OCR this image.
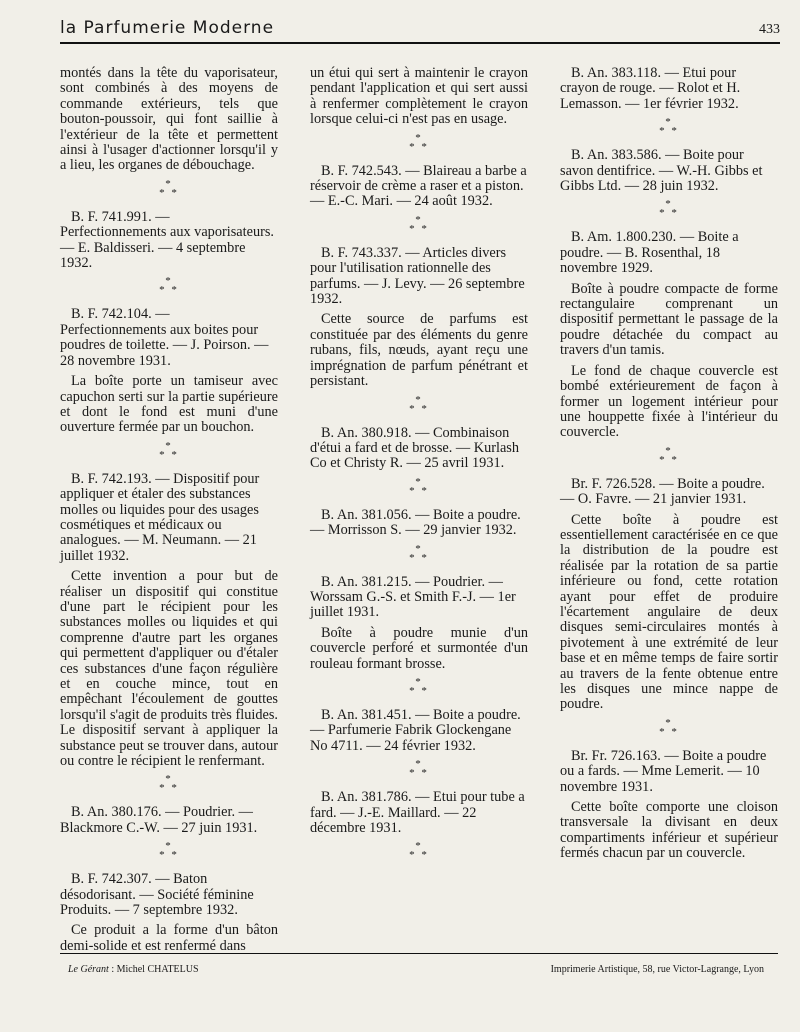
la Parfumerie Moderne	433

montés dans la tête du vaporisateur, sont combinés à des moyens de commande extérieurs, tels que bouton-poussoir, qui font saillie à l'extérieur de la tête et permettent ainsi à l'usager d'actionner lorsqu'il y a lieu, les organes de débouchage.

*
* *

B. F. 741.991. — Perfectionnements aux vaporisateurs. — E. Baldisseri. — 4 septembre 1932.

*
* *

B. F. 742.104. — Perfectionnements aux boites pour poudres de toilette. — J. Poirson. — 28 novembre 1931.

La boîte porte un tamiseur avec capuchon serti sur la partie supérieure et dont le fond est muni d'une ouverture fermée par un bouchon.

*
* *

B. F. 742.193. — Dispositif pour appliquer et étaler des substances molles ou liquides pour des usages cosmétiques et médicaux ou analogues. — M. Neumann. — 21 juillet 1932.

Cette invention a pour but de réaliser un dispositif qui constitue d'une part le récipient pour les substances molles ou liquides et qui comprenne d'autre part les organes qui permettent d'appliquer ou d'étaler ces substances d'une façon régulière et en couche mince, tout en empêchant l'écoulement de gouttes lorsqu'il s'agit de produits très fluides. Le dispositif servant à appliquer la substance peut se trouver dans, autour ou contre le récipient le renfermant.

*
* *

B. An. 380.176. — Poudrier. — Blackmore C.-W. — 27 juin 1931.

*
* *

B. F. 742.307. — Baton désodorisant. — Société féminine Produits. — 7 septembre 1932.

Ce produit a la forme d'un bâton demi-solide et est renfermé dans

un étui qui sert à maintenir le crayon pendant l'application et qui sert aussi à renfermer complètement le crayon lorsque celui-ci n'est pas en usage.

*
* *

B. F. 742.543. — Blaireau a barbe a réservoir de crème a raser et a piston. — E.-C. Mari. — 24 août 1932.

*
* *

B. F. 743.337. — Articles divers pour l'utilisation rationnelle des parfums. — J. Levy. — 26 septembre 1932.

Cette source de parfums est constituée par des éléments du genre rubans, fils, nœuds, ayant reçu une imprégnation de parfum pénétrant et persistant.

*
* *

B. An. 380.918. — Combinaison d'étui a fard et de brosse. — Kurlash Co et Christy R. — 25 avril 1931.

*
* *

B. An. 381.056. — Boite a poudre. — Morrisson S. — 29 janvier 1932.

*
* *

B. An. 381.215. — Poudrier. — Worssam G.-S. et Smith F.-J. — 1er juillet 1931.

Boîte à poudre munie d'un couvercle perforé et surmontée d'un rouleau formant brosse.

*
* *

B. An. 381.451. — Boite a poudre. — Parfumerie Fabrik Glockengane No 4711. — 24 février 1932.

*
* *

B. An. 381.786. — Etui pour tube a fard. — J.-E. Maillard. — 22 décembre 1931.

*
* *

B. An. 383.118. — Etui pour crayon de rouge. — Rolot et H. Lemasson. — 1er février 1932.

*
* *

B. An. 383.586. — Boite pour savon dentifrice. — W.-H. Gibbs et Gibbs Ltd. — 28 juin 1932.

*
* *

B. Am. 1.800.230. — Boite a poudre. — B. Rosenthal, 18 novembre 1929.

Boîte à poudre compacte de forme rectangulaire comprenant un dispositif permettant le passage de la poudre détachée du compact au travers d'un tamis.

Le fond de chaque couvercle est bombé extérieurement de façon à former un logement intérieur pour une houppette fixée à l'intérieur du couvercle.

*
* *

Br. F. 726.528. — Boite a poudre. — O. Favre. — 21 janvier 1931.

Cette boîte à poudre est essentiellement caractérisée en ce que la distribution de la poudre est réalisée par la rotation de sa partie inférieure ou fond, cette rotation ayant pour effet de produire l'écartement angulaire de deux disques semi-circulaires montés à pivotement à une extrémité de leur base et en même temps de faire sortir au travers de la fente obtenue entre les disques une mince nappe de poudre.

*
* *

Br. Fr. 726.163. — Boite a poudre ou a fards. — Mme Lemerit. — 10 novembre 1931.

Cette boîte comporte une cloison transversale la divisant en deux compartiments inférieur et supérieur fermés chacun par un couvercle.

Le Gérant : Michel CHATELUS	Imprimerie Artistique, 58, rue Victor-Lagrange, Lyon
